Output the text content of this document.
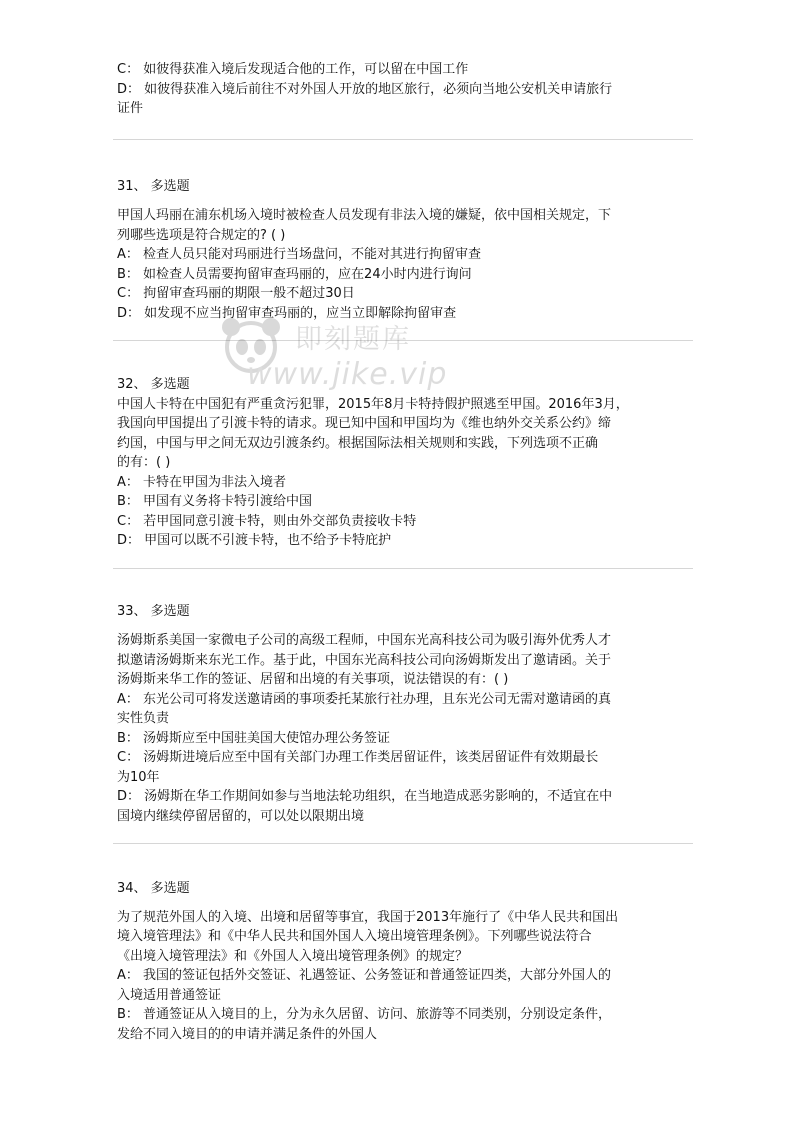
C： 如彼得获准入境后发现适合他的工作，可以留在中国工作
D： 如彼得获准入境后前往不对外国人开放的地区旅行，必须向当地公安机关申请旅行
证件
31、 多选题
甲国人玛丽在浦东机场入境时被检查人员发现有非法入境的嫌疑，依中国相关规定，下
列哪些选项是符合规定的? ( )
A： 检查人员只能对玛丽进行当场盘问，不能对其进行拘留审查
B： 如检查人员需要拘留审查玛丽的，应在24小时内进行询问
C： 拘留审查玛丽的期限一般不超过30日
D： 如发现不应当拘留审查玛丽的，应当立即解除拘留审查
32、 多选题
中国人卡特在中国犯有严重贪污犯罪，2015年8月卡特持假护照逃至甲国。2016年3月，
我国向甲国提出了引渡卡特的请求。现已知中国和甲国均为《维也纳外交关系公约》缔
约国，中国与甲之间无双边引渡条约。根据国际法相关规则和实践，下列选项不正确
的有：( )
A： 卡特在甲国为非法入境者
B： 甲国有义务将卡特引渡给中国
C： 若甲国同意引渡卡特，则由外交部负责接收卡特
D： 甲国可以既不引渡卡特，也不给予卡特庇护
33、 多选题
汤姆斯系美国一家微电子公司的高级工程师，中国东光高科技公司为吸引海外优秀人才
拟邀请汤姆斯来东光工作。基于此，中国东光高科技公司向汤姆斯发出了邀请函。关于
汤姆斯来华工作的签证、居留和出境的有关事项，说法错误的有：( )
A： 东光公司可将发送邀请函的事项委托某旅行社办理，且东光公司无需对邀请函的真
实性负责
B： 汤姆斯应至中国驻美国大使馆办理公务签证
C： 汤姆斯进境后应至中国有关部门办理工作类居留证件，该类居留证件有效期最长
为10年
D： 汤姆斯在华工作期间如参与当地法轮功组织，在当地造成恶劣影响的，不适宜在中
国境内继续停留居留的，可以处以限期出境
34、 多选题
为了规范外国人的入境、出境和居留等事宜，我国于2013年施行了《中华人民共和国出
境入境管理法》和《中华人民共和国外国人入境出境管理条例》。下列哪些说法符合
《出境入境管理法》和《外国人入境出境管理条例》的规定？
A： 我国的签证包括外交签证、礼遇签证、公务签证和普通签证四类，大部分外国人的
入境适用普通签证
B： 普通签证从入境目的上，分为永久居留、访问、旅游等不同类别，分别设定条件，
发给不同入境目的的申请并满足条件的外国人
即刻题库
www.jike.vip
